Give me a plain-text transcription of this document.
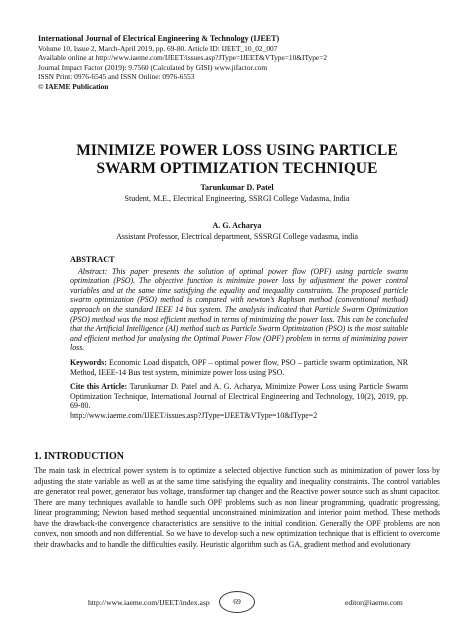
International Journal of Electrical Engineering & Technology (IJEET)
Volume 10, Issue 2, March-April 2019, pp. 69-80. Article ID: IJEET_10_02_007
Available online at http://www.iaeme.com/IJEET/issues.asp?JType=IJEET&VType=10&IType=2
Journal Impact Factor (2019): 9.7560 (Calculated by GISI) www.jifactor.com
ISSN Print: 0976-6545 and ISSN Online: 0976-6553
© IAEME Publication
MINIMIZE POWER LOSS USING PARTICLE
SWARM OPTIMIZATION TECHNIQUE
Tarunkumar D. Patel
Student, M.E., Electrical Engineering, SSRGI College Vadasma, India
A. G. Acharya
Assistant Professor, Electrical department, SSSRGI College vadasma, india
ABSTRACT
Abstract: This paper presents the solution of optimal power flow (OPF) using particle swarm optimization (PSO). The objective function is minimize power loss by adjustment the power control variables and at the same time satisfying the equality and inequality constraints. The proposed particle swarm optimization (PSO) method is compared with newton’s Raphson method (conventional method) approach on the standard IEEE 14 bus system. The analysis indicated that Particle Swarm Optimization (PSO) method was the most efficient method in terms of minimizing the power loss. This can be concluded that the Artificial Intelligence (AI) method such as Particle Swarm Optimization (PSO) is the most suitable and efficient method for analysing the Optimal Power Flow (OPF) problem in terms of minimizing power loss.
Keywords: Economic Load dispatch, OPF – optimal power flow, PSO – particle swarm optimization, NR Method, IEEE-14 Bus test system, minimize power loss using PSO.
Cite this Article: Tarunkumar D. Patel and A. G. Acharya, Minimize Power Loss using Particle Swarm Optimization Technique, International Journal of Electrical Engineering and Technology, 10(2), 2019, pp. 69-80.
http://www.iaeme.com/IJEET/issues.asp?JType=IJEET&VType=10&IType=2
1. INTRODUCTION
The main task in electrical power system is to optimize a selected objective function such as minimization of power loss by adjusting the state variable as well as at the same time satisfying the equality and inequality constraints. The control variables are generator real power, generator bus voltage, transformer tap changer and the Reactive power source such as shunt capacitor. There are many techniques available to handle such OPF problems such as non linear programming, quadratic progressing, linear programming; Newton based method sequential unconstrained minimization and interior point method. These methods have the drawback-the convergence characteristics are sensitive to the initial condition. Generally the OPF problems are non convex, non smooth and non differential. So we have to develop such a new optimization technique that is efficient to overcome their drawbacks and to handle the difficulties easily. Heuristic algorithm such as GA, gradient method and evolutionary
http://www.iaeme.com/IJEET/index.asp	69	editor@iaeme.com
